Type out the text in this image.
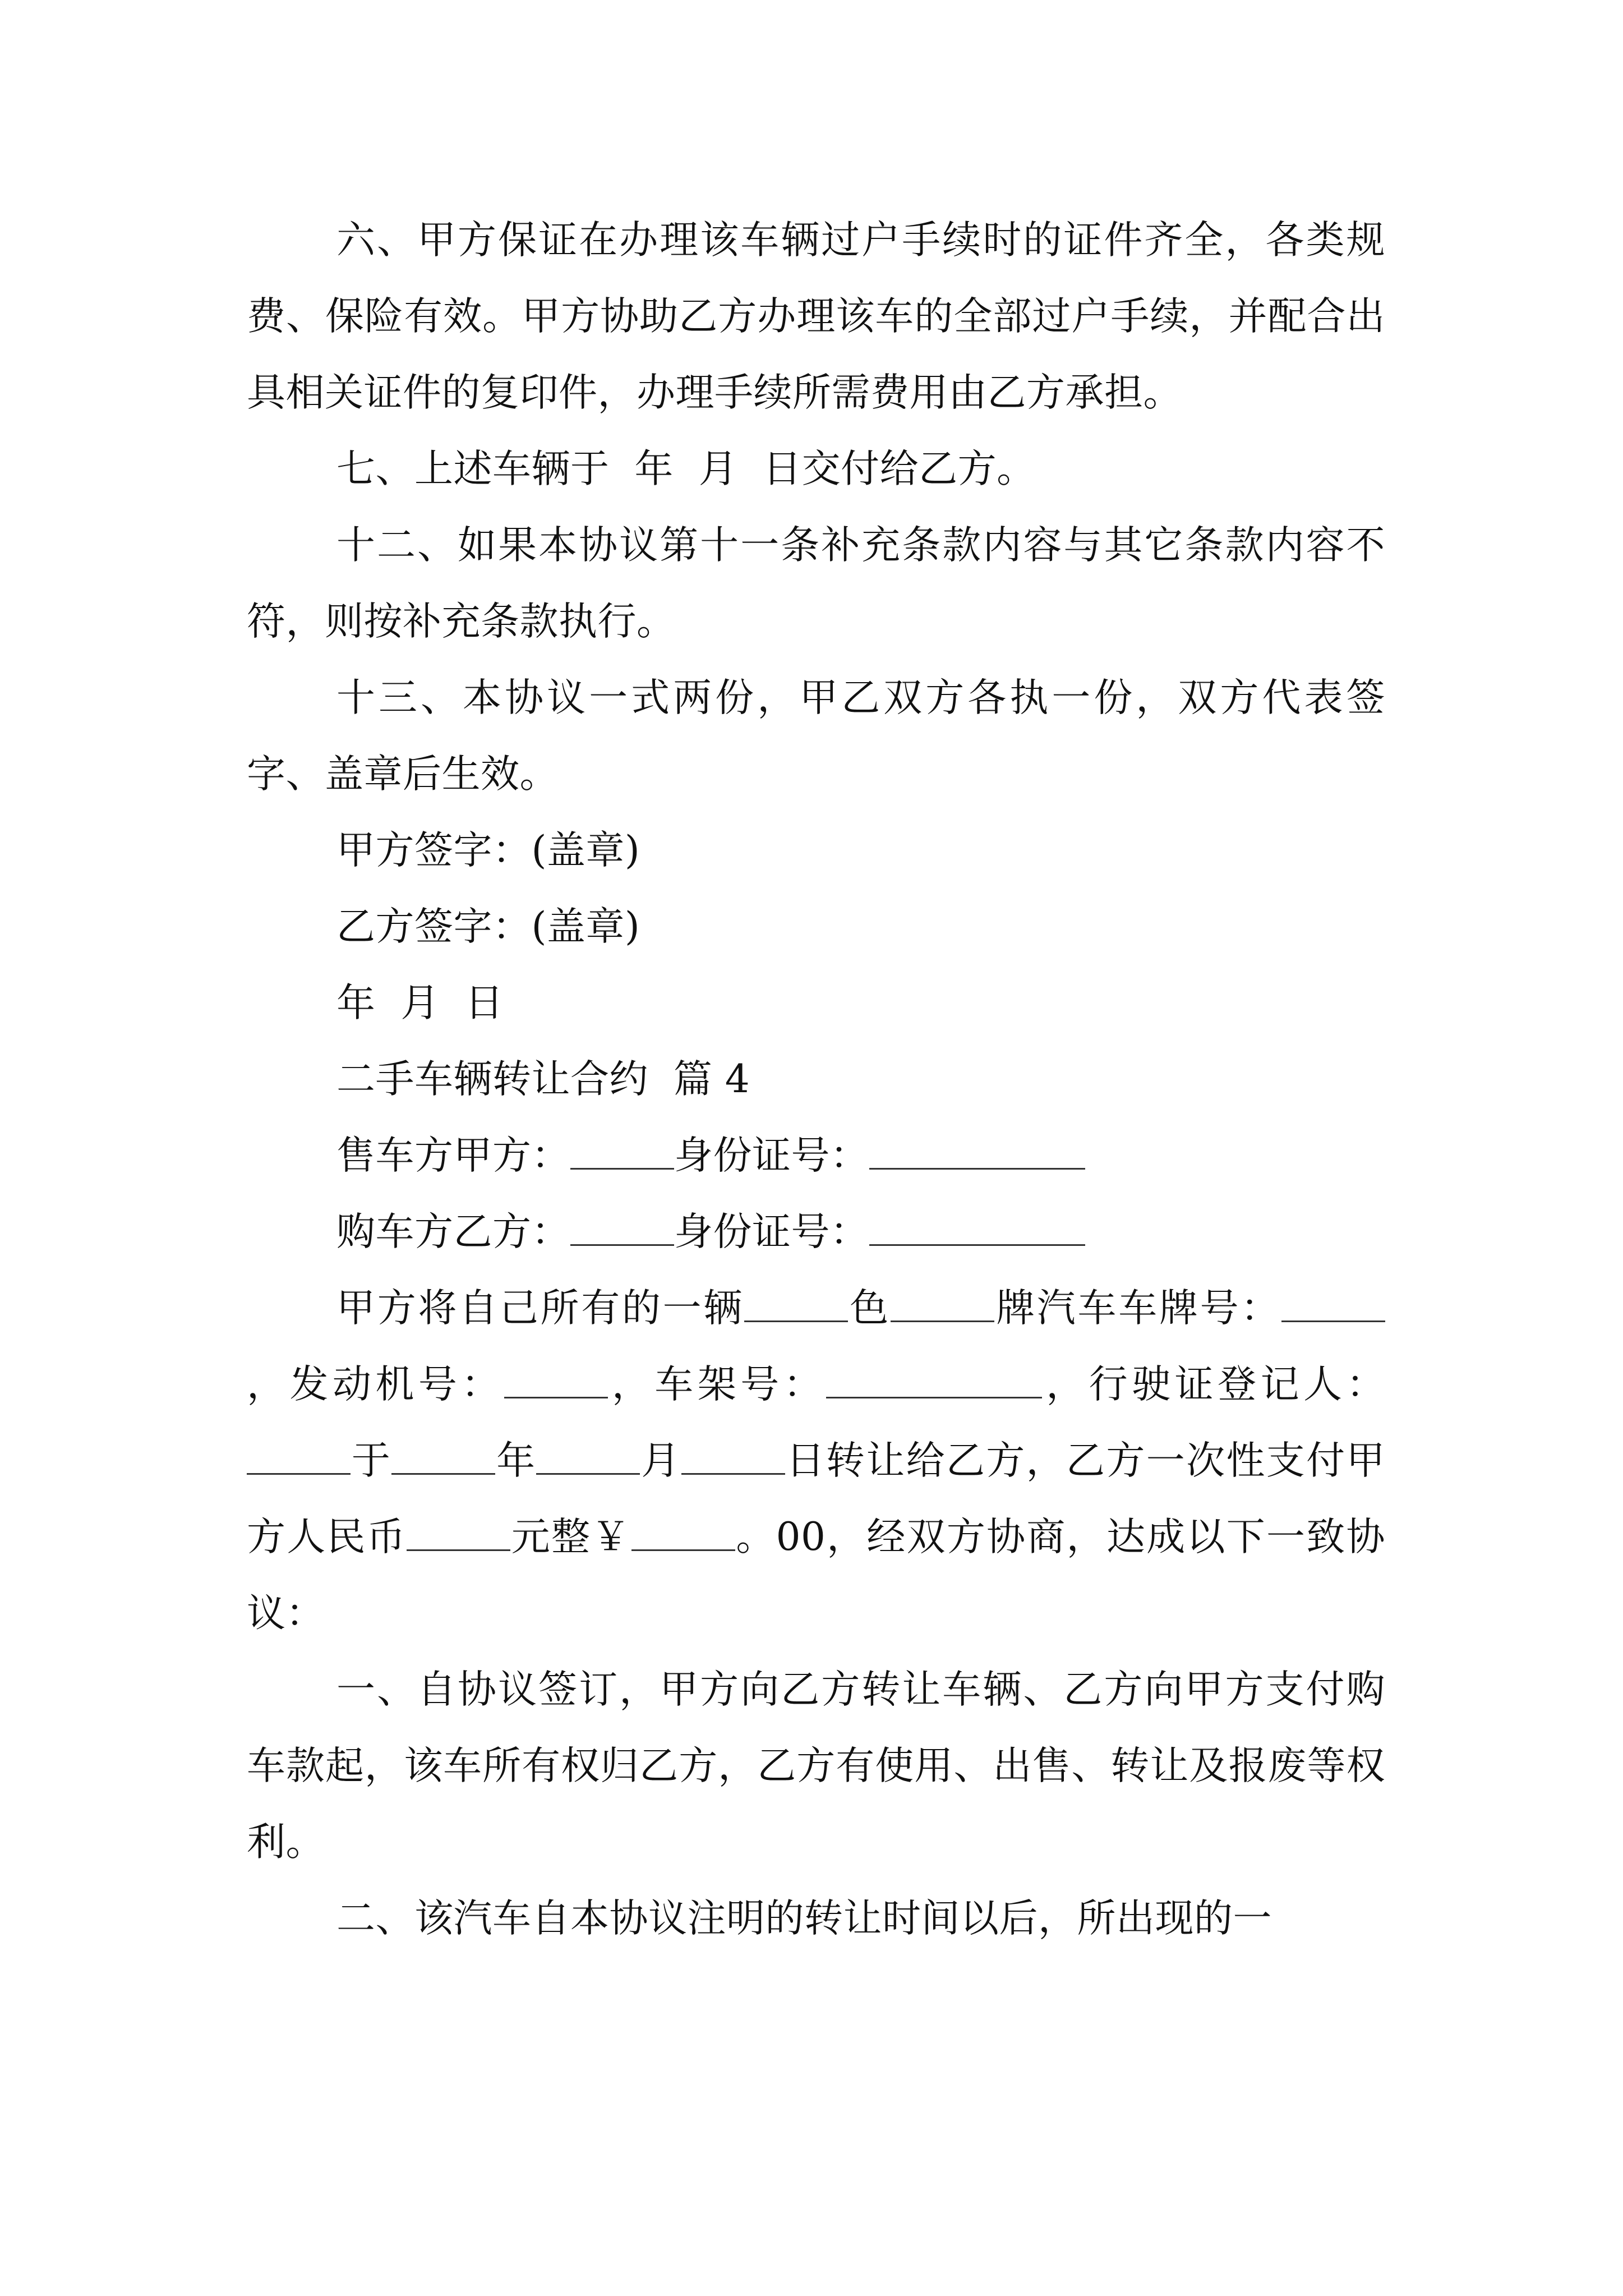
六、甲方保证在办理该车辆过户手续时的证件齐全，各类规费、保险有效。甲方协助乙方办理该车的全部过户手续，并配合出具相关证件的复印件，办理手续所需费用由乙方承担。

七、上述车辆于  年  月  日交付给乙方。

十二、如果本协议第十一条补充条款内容与其它条款内容不符，则按补充条款执行。

十三、本协议一式两份，甲乙双方各执一份，双方代表签字、盖章后生效。

甲方签字：(盖章)

乙方签字：(盖章)

年  月  日

二手车辆转让合约  篇 4

售车方甲方：	身份证号：

购车方乙方：	身份证号：

甲方将自己所有的一辆	色	牌汽车车牌号：，发动机号：	，车架号：	，行驶证登记人：于	年	月	日转让给乙方，乙方一次性支付甲方人民币	元整￥	。00，经双方协商，达成以下一致协议：

一、自协议签订，甲方向乙方转让车辆、乙方向甲方支付购车款起，该车所有权归乙方，乙方有使用、出售、转让及报废等权利。

二、该汽车自本协议注明的转让时间以后，所出现的一
